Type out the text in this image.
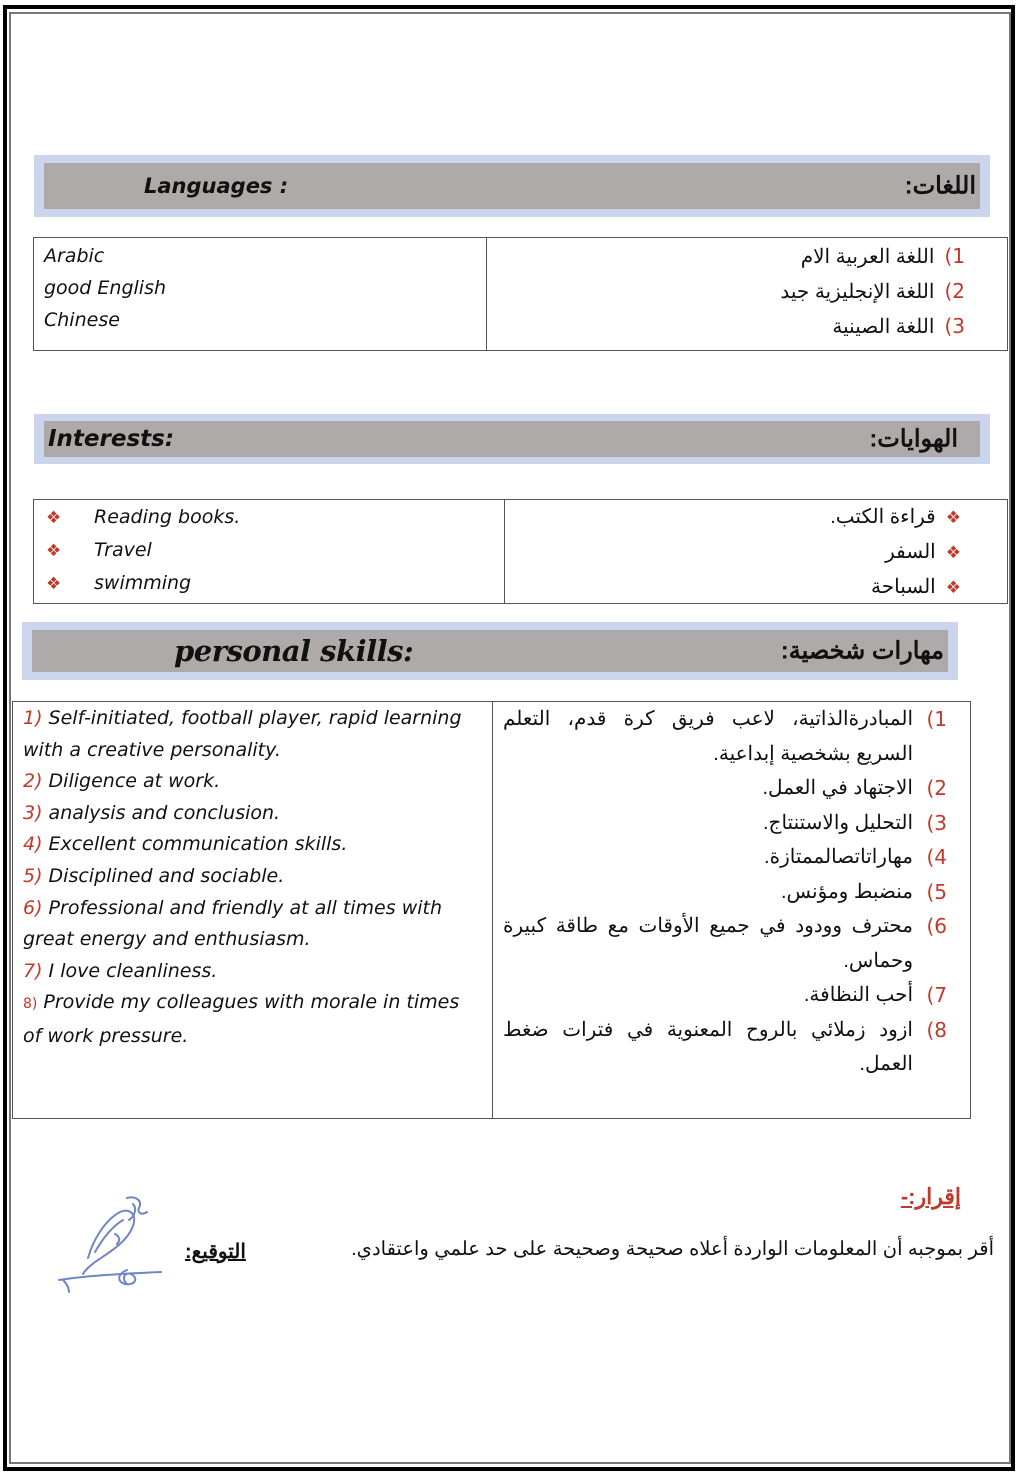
Languages :	اللغات:
Arabic
good English
Chinese
1)اللغة العربية الام
2)اللغة الإنجليزية جيد
3)اللغة الصينية
Interests:	الهوايات:
❖ Reading books.
❖ Travel
❖ swimming
❖قراءة الكتب.
❖السفر
❖السباحة
personal skills:	مهارات شخصية:
1) Self-initiated, football player, rapid learning with a creative personality.
2) Diligence at work.
3) analysis and conclusion.
4) Excellent communication skills.
5) Disciplined and sociable.
6) Professional and friendly at all times with great energy and enthusiasm.
7) I love cleanliness.
8) Provide my colleagues with morale in times of work pressure.
1)
المبادرةالذاتية، لاعب فريق كرة قدم، التعلم السريع بشخصية إبداعية.
2)
الاجتهاد في العمل.
3)
التحليل والاستنتاج.
4)
مهاراتاتصالممتازة.
5)
منضبط ومؤنس.
6)
محترف وودود في جميع الأوقات مع طاقة كبيرة وحماس.
7)
أحب النظافة.
8)
ازود زملائي بالروح المعنوية في فترات ضغط العمل.
إقرار:-
أقر بموجبه أن المعلومات الواردة أعلاه صحيحة وصحيحة على حد علمي واعتقادي.
التوقيع:
